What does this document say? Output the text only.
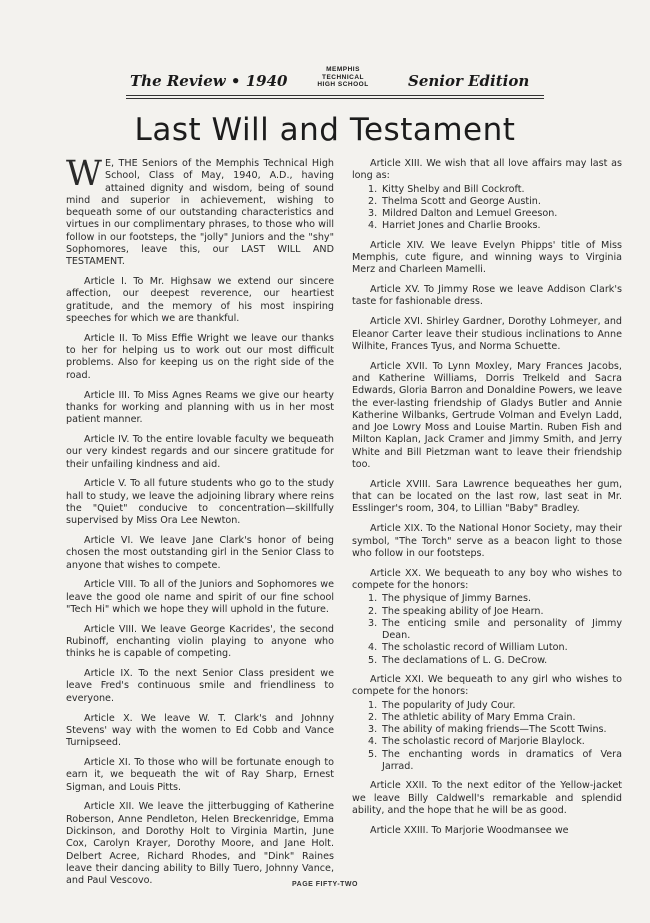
The Review • 1940
MEMPHIS
TECHNICAL
HIGH SCHOOL	Senior Edition
Last Will and Testament

W E, THE Seniors of the Memphis Technical High School, Class of May, 1940, A.D., having attained dignity and wisdom, being of sound mind and superior in achievement, wishing to bequeath some of our outstanding characteristics and virtues in our complimentary phrases, to those who will follow in our footsteps, the "jolly" Juniors and the "shy" Sophomores, leave this, our LAST WILL AND TESTAMENT.

Article I. To Mr. Highsaw we extend our sincere affection, our deepest reverence, our heartiest gratitude, and the memory of his most inspiring speeches for which we are thankful.

Article II. To Miss Effie Wright we leave our thanks to her for helping us to work out our most difficult problems. Also for keeping us on the right side of the road.

Article III. To Miss Agnes Reams we give our hearty thanks for working and planning with us in her most patient manner.

Article IV. To the entire lovable faculty we bequeath our very kindest regards and our sincere gratitude for their unfailing kindness and aid.

Article V. To all future students who go to the study hall to study, we leave the adjoining library where reins the "Quiet" conducive to concentration—skillfully supervised by Miss Ora Lee Newton.

Article VI. We leave Jane Clark's honor of being chosen the most outstanding girl in the Senior Class to anyone that wishes to compete.

Article VIII. To all of the Juniors and Sophomores we leave the good ole name and spirit of our fine school "Tech Hi" which we hope they will uphold in the future.

Article VIII. We leave George Kacrides', the second Rubinoff, enchanting violin playing to anyone who thinks he is capable of competing.

Article IX. To the next Senior Class president we leave Fred's continuous smile and friendliness to everyone.

Article X. We leave W. T. Clark's and Johnny Stevens' way with the women to Ed Cobb and Vance Turnipseed.

Article XI. To those who will be fortunate enough to earn it, we bequeath the wit of Ray Sharp, Ernest Sigman, and Louis Pitts.

Article XII. We leave the jitterbugging of Katherine Roberson, Anne Pendleton, Helen Breckenridge, Emma Dickinson, and Dorothy Holt to Virginia Martin, June Cox, Carolyn Krayer, Dorothy Moore, and Jane Holt. Delbert Acree, Richard Rhodes, and "Dink" Raines leave their dancing ability to Billy Tuero, Johnny Vance, and Paul Vescovo.

Article XIII. We wish that all love affairs may last as long as:

1. Kitty Shelby and Bill Cockroft.
2. Thelma Scott and George Austin.
3. Mildred Dalton and Lemuel Greeson.
4. Harriet Jones and Charlie Brooks.

Article XIV. We leave Evelyn Phipps' title of Miss Memphis, cute figure, and winning ways to Virginia Merz and Charleen Mamelli.

Article XV. To Jimmy Rose we leave Addison Clark's taste for fashionable dress.

Article XVI. Shirley Gardner, Dorothy Lohmeyer, and Eleanor Carter leave their studious inclinations to Anne Wilhite, Frances Tyus, and Norma Schuette.

Article XVII. To Lynn Moxley, Mary Frances Jacobs, and Katherine Williams, Dorris Trelkeld and Sacra Edwards, Gloria Barron and Donaldine Powers, we leave the ever-lasting friendship of Gladys Butler and Annie Katherine Wilbanks, Gertrude Volman and Evelyn Ladd, and Joe Lowry Moss and Louise Martin. Ruben Fish and Milton Kaplan, Jack Cramer and Jimmy Smith, and Jerry White and Bill Pietzman want to leave their friendship too.

Article XVIII. Sara Lawrence bequeathes her gum, that can be located on the last row, last seat in Mr. Esslinger's room, 304, to Lillian "Baby" Bradley.

Article XIX. To the National Honor Society, may their symbol, "The Torch" serve as a beacon light to those who follow in our footsteps.

Article XX. We bequeath to any boy who wishes to compete for the honors:

1. The physique of Jimmy Barnes.
2. The speaking ability of Joe Hearn.
3. The enticing smile and personality of Jimmy Dean.
4. The scholastic record of William Luton.
5. The declamations of L. G. DeCrow.

Article XXI. We bequeath to any girl who wishes to compete for the honors:

1. The popularity of Judy Cour.
2. The athletic ability of Mary Emma Crain.
3. The ability of making friends—The Scott Twins.
4. The scholastic record of Marjorie Blaylock.
5. The enchanting words in dramatics of Vera Jarrad.

Article XXII. To the next editor of the Yellow-jacket we leave Billy Caldwell's remarkable and splendid ability, and the hope that he will be as good.

Article XXIII. To Marjorie Woodmansee we

PAGE FIFTY-TWO
